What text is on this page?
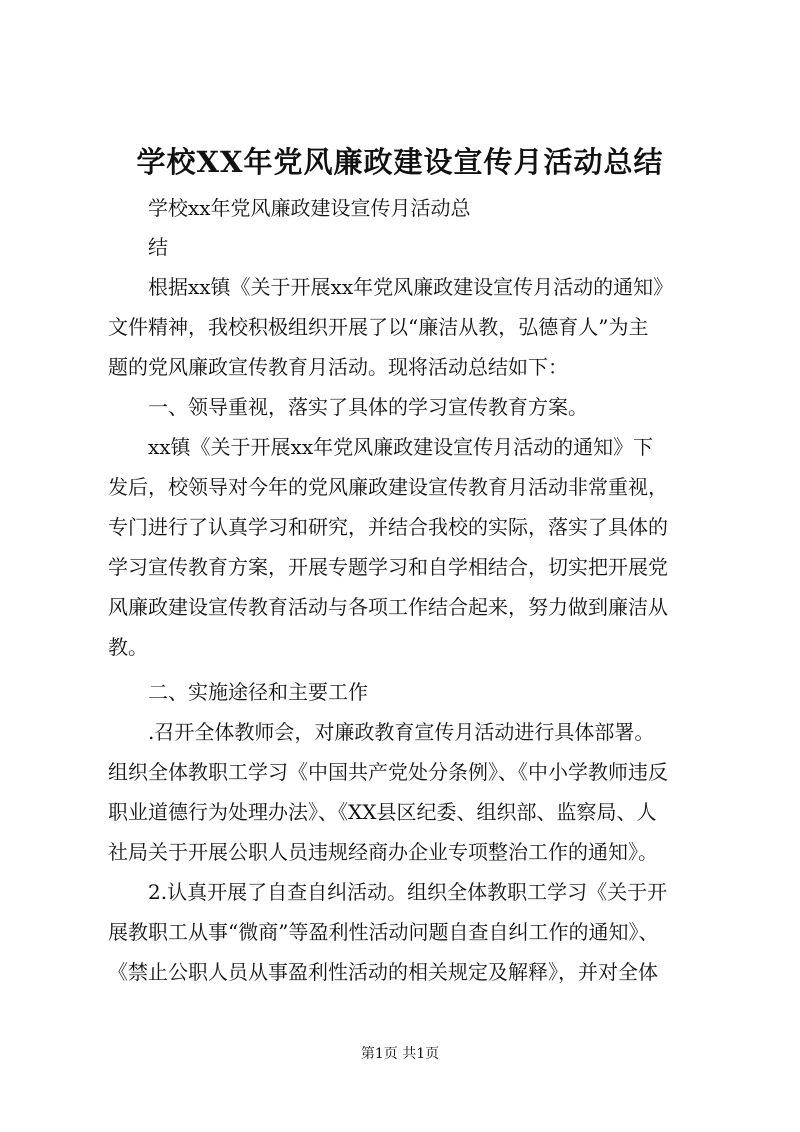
学校XX年党风廉政建设宣传月活动总结

学校xx年党风廉政建设宣传月活动总

结

根据xx镇《关于开展xx年党风廉政建设宣传月活动的通知》

文件精神，我校积极组织开展了以“廉洁从教，弘德育人”为主

题的党风廉政宣传教育月活动。现将活动总结如下：

一、领导重视，落实了具体的学习宣传教育方案。

xx镇《关于开展xx年党风廉政建设宣传月活动的通知》下

发后，校领导对今年的党风廉政建设宣传教育月活动非常重视，

专门进行了认真学习和研究，并结合我校的实际，落实了具体的

学习宣传教育方案，开展专题学习和自学相结合，切实把开展党

风廉政建设宣传教育活动与各项工作结合起来，努力做到廉洁从

教。

二、实施途径和主要工作

.召开全体教师会，对廉政教育宣传月活动进行具体部署。

组织全体教职工学习《中国共产党处分条例》、《中小学教师违反

职业道德行为处理办法》、《XX县区纪委、组织部、监察局、人

社局关于开展公职人员违规经商办企业专项整治工作的通知》。

2.认真开展了自查自纠活动。组织全体教职工学习《关于开

展教职工从事“微商”等盈利性活动问题自查自纠工作的通知》、

《禁止公职人员从事盈利性活动的相关规定及解释》，并对全体

第1页 共1页
